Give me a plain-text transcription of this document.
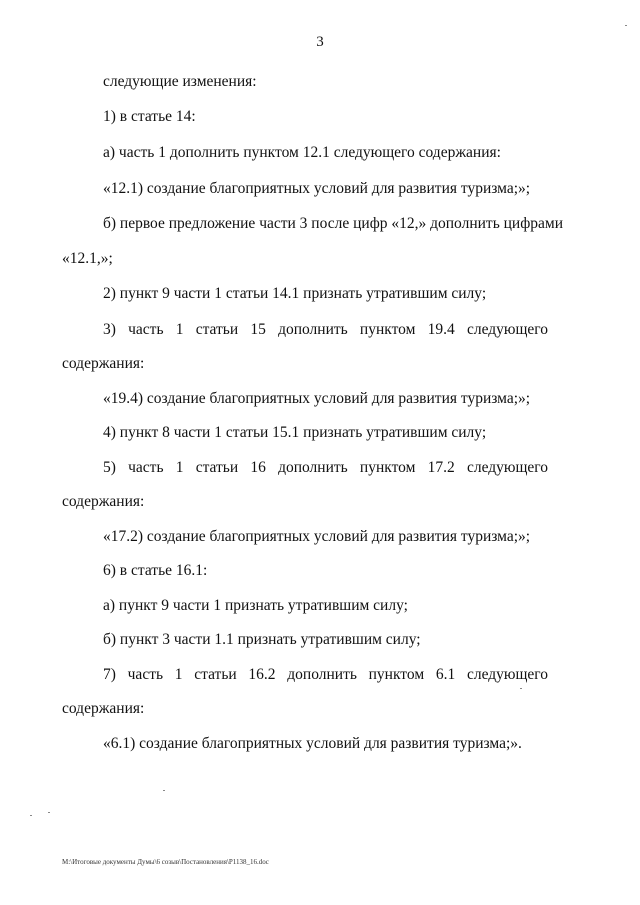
3
следующие изменения:
1) в статье 14:
а) часть 1 дополнить пунктом 12.1 следующего содержания:
«12.1) создание благоприятных условий для развития туризма;»;
б) первое предложение части 3 после цифр «12,» дополнить цифрами
«12.1,»;
2) пункт 9 части 1 статьи 14.1 признать утратившим силу;
3) часть 1 статьи 15 дополнить пунктом 19.4 следующего
содержания:
«19.4) создание благоприятных условий для развития туризма;»;
4) пункт 8 части 1 статьи 15.1 признать утратившим силу;
5) часть 1 статьи 16 дополнить пунктом 17.2 следующего
содержания:
«17.2) создание благоприятных условий для развития туризма;»;
6) в статье 16.1:
а) пункт 9 части 1 признать утратившим силу;
б) пункт 3 части 1.1 признать утратившим силу;
7) часть 1 статьи 16.2 дополнить пунктом 6.1 следующего
содержания:
«6.1) создание благоприятных условий для развития туризма;».
M:\Итоговые документы Думы\6 созыв\Постановления\P1138_16.doc
